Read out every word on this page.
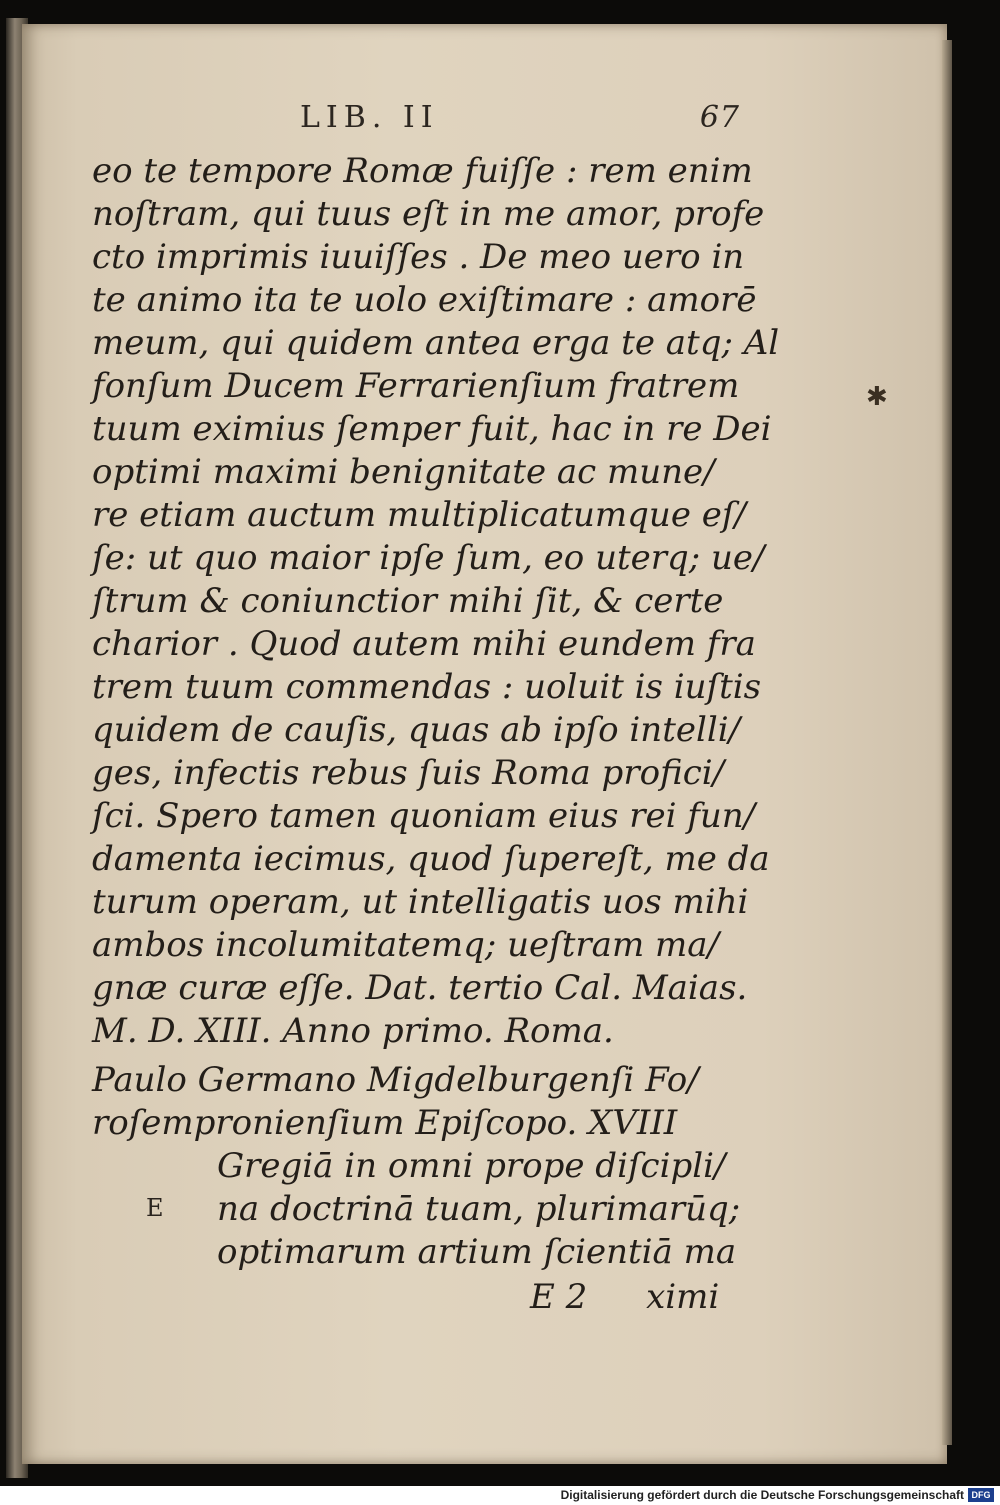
LIB. II	67
eo te tempore Romæ fuiſſe : rem enim
noſtram, qui tuus eſt in me amor, profe
cto imprimis iuuiſſes . De meo uero in
te animo ita te uolo exiſtimare : amorē
meum, qui quidem antea erga te atq; Al
fonſum Ducem Ferrarienſium fratrem
tuum eximius ſemper fuit, hac in re Dei
optimi maximi benignitate ac mune/
re etiam auctum multiplicatumque eſ/
ſe: ut quo maior ipſe ſum, eo uterq; ue/
ſtrum & coniunctior mihi ſit, & certe
charior . Quod autem mihi eundem fra
trem tuum commendas : uoluit is iuſtis
quidem de cauſis, quas ab ipſo intelli/
ges, infectis rebus ſuis Roma profici/
ſci. Spero tamen quoniam eius rei fun/
damenta iecimus, quod ſupereſt, me da
turum operam, ut intelligatis uos mihi
ambos incolumitatemq; ueſtram ma/
gnæ curæ eſſe. Dat. tertio Cal. Maias.
M. D. XIII. Anno primo. Roma.
Paulo Germano Migdelburgenſi Fo/
roſempronienſium Epiſcopo. XVIII
Gregiā in omni prope diſcipli/
na doctrinā tuam, plurimarūq;
optimarum artium ſcientiā ma
E
E 2 ximi
✱
Digitalisierung gefördert durch die Deutsche Forschungsgemeinschaft DFG
